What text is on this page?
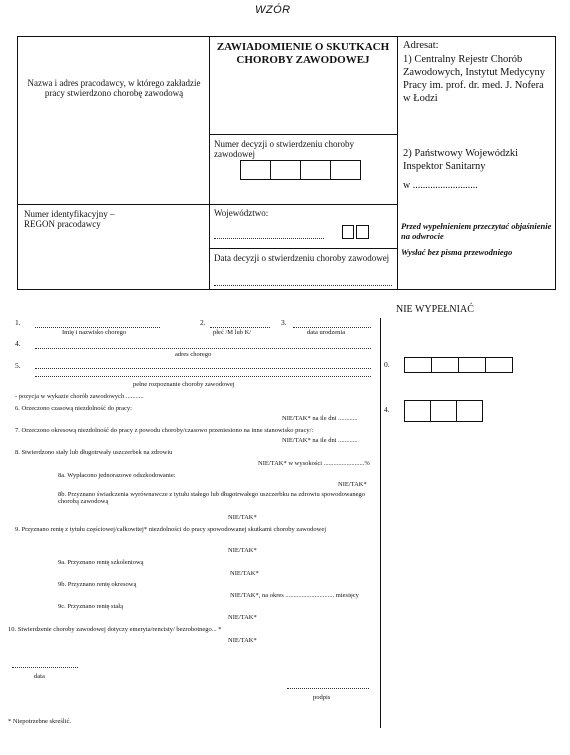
WZÓR
Nazwa i adres pracodawcy, w którego zakładzie pracy stwierdzono chorobę zawodową
ZAWIADOMIENIE O SKUTKACH CHOROBY ZAWODOWEJ
Numer decyzji o stwierdzeniu choroby zawodowej
Adresat:
1) Centralny Rejestr Chorób Zawodowych, Instytut Medycyny Pracy im. prof. dr. med. J. Nofera w Łodzi
2) Państwowy Wojewódzki Inspektor Sanitarny
w ..........................
Numer identyfikacyjny – REGON pracodawcy
Województwo:
Data decyzji o stwierdzeniu choroby zawodowej
Przed wypełnieniem przeczytać objaśnienie na odwrocie
Wysłać bez pisma przewodniego
NIE WYPEŁNIAĆ
0.
4.
1.
Imię i nazwisko chorego
2.
płeć /M lub K/
3.
data urodzenia
4.
adres chorego
5.
pełne rozpoznanie choroby zawodowej
- pozycja w wykazie chorób zawodowych ...........
6. Orzeczono czasową niezdolność do pracy:
NIE/TAK* na ile dni ............
7. Orzeczono okresową niezdolność do pracy z powodu choroby/czasowo przeniesiono na inne stanowisko pracy/:
NIE/TAK* na ile dni ............
8. Stwierdzono stały lub długotrwały uszczerbek na zdrowiu
NIE/TAK* w wysokości .........................%
8a. Wypłacono jednorazowe odszkodowanie:
NIE/TAK*
8b. Przyznano świadczenia wyrównawcze z tytułu stałego lub długotrwałego uszczerbku na zdrowiu spowodowanego chorobą zawodową
NIE/TAK*
9. Przyznano rentę z tytułu częściowej/całkowitej* niezdolności do pracy spowodowanej skutkami choroby zawodowej
NIE/TAK*
9a. Przyznano rentę szkoleniową
NIE/TAK*
9b. Przyznano rentę okresową
NIE/TAK*, na okres .............................. miesięcy
9c. Przyznano rentę stałą
NIE/TAK*
10. Stwierdzenie choroby zawodowej dotyczy emeryta/rencisty/ bezrobotnego... *
NIE/TAK*
data
podpis
* Niepotrzebne skreślić.
